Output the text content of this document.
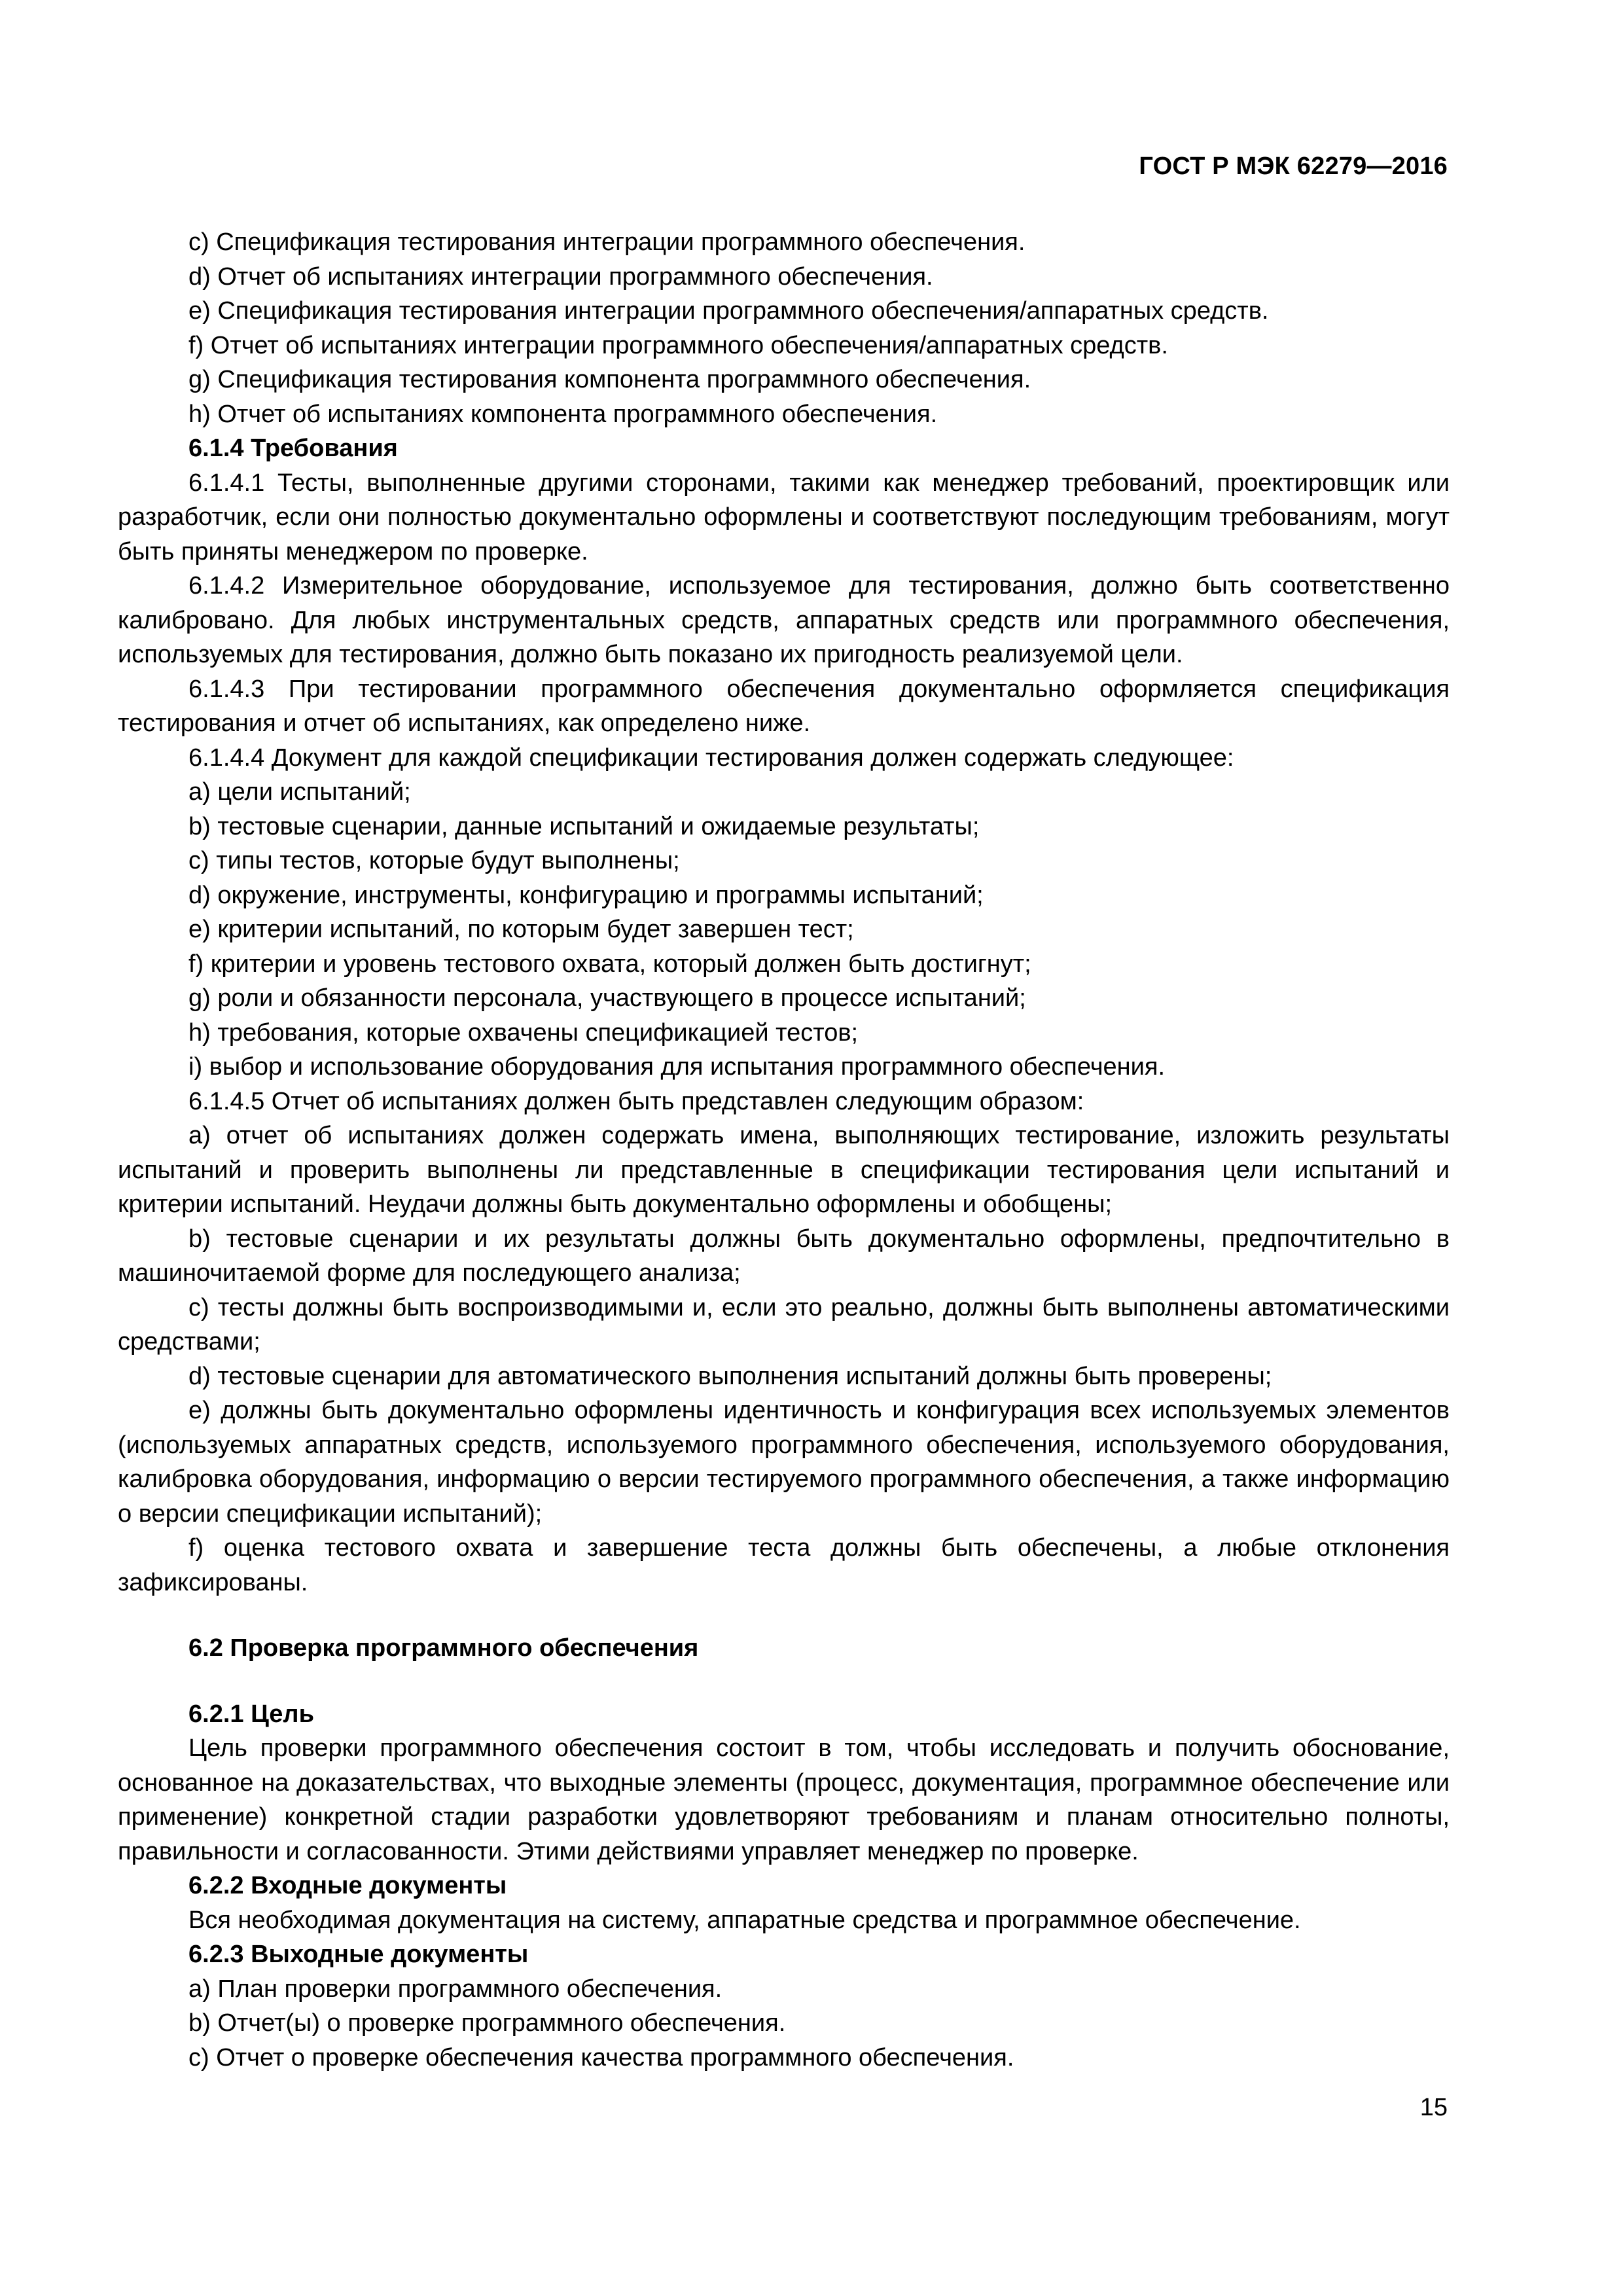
ГОСТ Р МЭК 62279—2016

c) Спецификация тестирования интеграции программного обеспечения.

d) Отчет об испытаниях интеграции программного обеспечения.

e) Спецификация тестирования интеграции программного обеспечения/аппаратных средств.

f) Отчет об испытаниях интеграции программного обеспечения/аппаратных средств.

g) Спецификация тестирования компонента программного обеспечения.

h) Отчет об испытаниях компонента программного обеспечения.

6.1.4 Требования

6.1.4.1 Тесты, выполненные другими сторонами, такими как менеджер требований, проектировщик или разработчик, если они полностью документально оформлены и соответствуют последующим требованиям, могут быть приняты менеджером по проверке.

6.1.4.2 Измерительное оборудование, используемое для тестирования, должно быть соответственно калибровано. Для любых инструментальных средств, аппаратных средств или программного обеспечения, используемых для тестирования, должно быть показано их пригодность реализуемой цели.

6.1.4.3 При тестировании программного обеспечения документально оформляется спецификация тестирования и отчет об испытаниях, как определено ниже.

6.1.4.4 Документ для каждой спецификации тестирования должен содержать следующее:

a) цели испытаний;

b) тестовые сценарии, данные испытаний и ожидаемые результаты;

c) типы тестов, которые будут выполнены;

d) окружение, инструменты, конфигурацию и программы испытаний;

e) критерии испытаний, по которым будет завершен тест;

f) критерии и уровень тестового охвата, который должен быть достигнут;

g) роли и обязанности персонала, участвующего в процессе испытаний;

h) требования, которые охвачены спецификацией тестов;

i) выбор и использование оборудования для испытания программного обеспечения.

6.1.4.5 Отчет об испытаниях должен быть представлен следующим образом:

a) отчет об испытаниях должен содержать имена, выполняющих тестирование, изложить результаты испытаний и проверить выполнены ли представленные в спецификации тестирования цели испытаний и критерии испытаний. Неудачи должны быть документально оформлены и обобщены;

b) тестовые сценарии и их результаты должны быть документально оформлены, предпочтительно в машиночитаемой форме для последующего анализа;

c) тесты должны быть воспроизводимыми и, если это реально, должны быть выполнены автоматическими средствами;

d) тестовые сценарии для автоматического выполнения испытаний должны быть проверены;

e) должны быть документально оформлены идентичность и конфигурация всех используемых элементов (используемых аппаратных средств, используемого программного обеспечения, используемого оборудования, калибровка оборудования, информацию о версии тестируемого программного обеспечения, а также информацию о версии спецификации испытаний);

f) оценка тестового охвата и завершение теста должны быть обеспечены, а любые отклонения зафиксированы.

6.2 Проверка программного обеспечения

6.2.1 Цель

Цель проверки программного обеспечения состоит в том, чтобы исследовать и получить обоснование, основанное на доказательствах, что выходные элементы (процесс, документация, программное обеспечение или применение) конкретной стадии разработки удовлетворяют требованиям и планам относительно полноты, правильности и согласованности. Этими действиями управляет менеджер по проверке.

6.2.2 Входные документы

Вся необходимая документация на систему, аппаратные средства и программное обеспечение.

6.2.3 Выходные документы

a) План проверки программного обеспечения.

b) Отчет(ы) о проверке программного обеспечения.

c) Отчет о проверке обеспечения качества программного обеспечения.

15
